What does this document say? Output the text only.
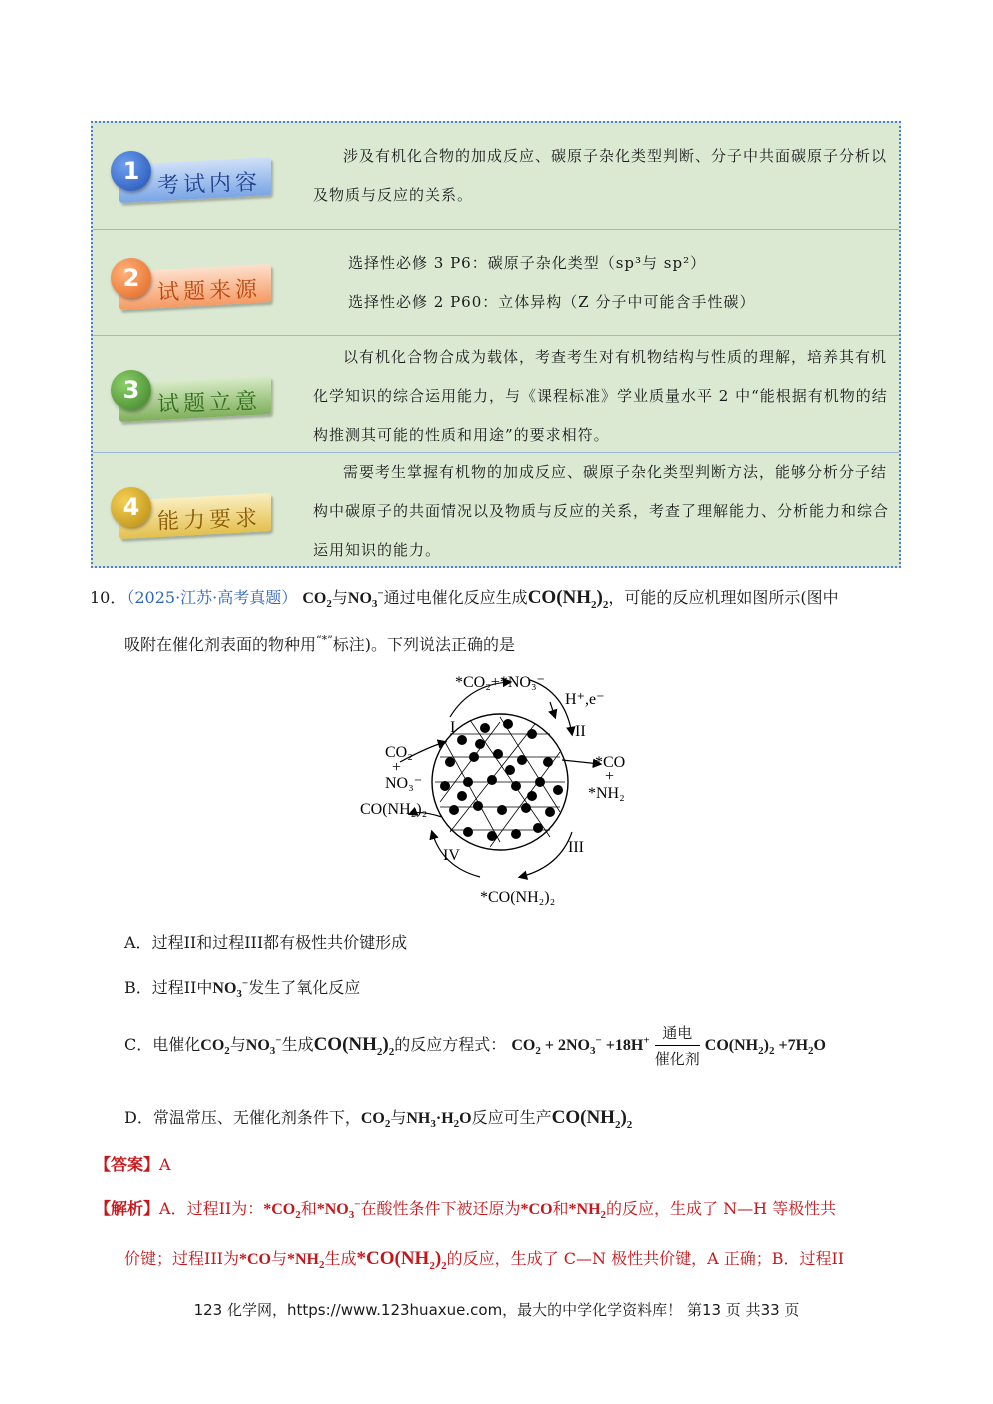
1 考试内容
涉及有机化合物的加成反应、碳原子杂化类型判断、分子中共面碳原子分析以及物质与反应的关系。
2 试题来源
选择性必修 3 P6：碳原子杂化类型（sp³与 sp²）
选择性必修 2 P60：立体异构（Z 分子中可能含手性碳）
3 试题立意
以有机化合物合成为载体，考查考生对有机物结构与性质的理解，培养其有机化学知识的综合运用能力，与《课程标准》学业质量水平 2 中“能根据有机物的结构推测其可能的性质和用途”的要求相符。
4 能力要求
需要考生掌握有机物的加成反应、碳原子杂化类型判断方法，能够分析分子结构中碳原子的共面情况以及物质与反应的关系，考查了理解能力、分析能力和综合运用知识的能力。
10．（2025·江苏·高考真题） $CO_2$与$NO_3^-$通过电催化反应生成$CO(NH_2)_2$，可能的反应机理如图所示(图中
吸附在催化剂表面的物种用“*”标注)。下列说法正确的是
*CO₂+*NO₃⁻
H⁺,e⁻
I	II
III
IV
CO₂
+
NO₃⁻
*CO
+
*NH₂
CO(NH₂)₂
*CO(NH₂)₂
A．过程II和过程III都有极性共价键形成
B．过程II中$NO_3^-$发生了氧化反应
C．电催化$CO_2$与$NO_3^-$生成$CO(NH_2)_2$的反应方程式： $CO_2 + 2NO_3^- +18H^+ \frac{\text{通电}}{\text{催化剂}} CO(NH_2)_2 +7H_2O$
D．常温常压、无催化剂条件下，$CO_2$与$NH_3\cdot H_2O$反应可生产$CO(NH_2)_2$
【答案】A
【解析】A．过程II为：$*CO_2$和$*NO_3^-$在酸性条件下被还原为*CO和$*NH_2$的反应，生成了 N—H 等极性共
价键；过程III为*CO与$*NH_2$生成$*CO(NH_2)_2$的反应，生成了 C—N 极性共价键，A 正确；B．过程II
123 化学网，https://www.123huaxue.com，最大的中学化学资料库！ 第13 页 共33 页
